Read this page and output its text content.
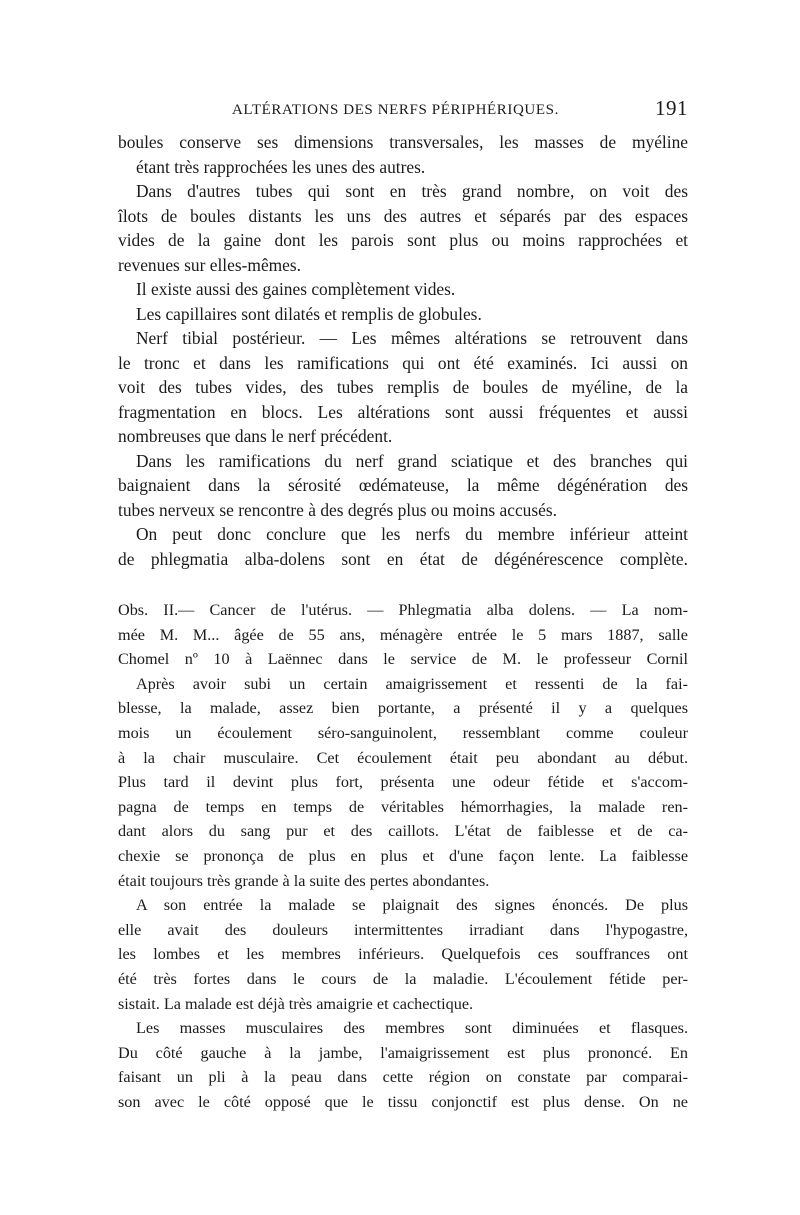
ALTÉRATIONS DES NERFS PÉRIPHÉRIQUES.	191
boules conserve ses dimensions transversales, les masses de myéline
étant très rapprochées les unes des autres.
Dans d'autres tubes qui sont en très grand nombre, on voit des
îlots de boules distants les uns des autres et séparés par des espaces
vides de la gaine dont les parois sont plus ou moins rapprochées et
revenues sur elles-mêmes.
Il existe aussi des gaines complètement vides.
Les capillaires sont dilatés et remplis de globules.
Nerf tibial postérieur. — Les mêmes altérations se retrouvent dans
le tronc et dans les ramifications qui ont été examinés. Ici aussi on
voit des tubes vides, des tubes remplis de boules de myéline, de la
fragmentation en blocs. Les altérations sont aussi fréquentes et aussi
nombreuses que dans le nerf précédent.
Dans les ramifications du nerf grand sciatique et des branches qui
baignaient dans la sérosité œdémateuse, la même dégénération des
tubes nerveux se rencontre à des degrés plus ou moins accusés.
On peut donc conclure que les nerfs du membre inférieur atteint
de phlegmatia alba-dolens sont en état de dégénérescence complète.
Obs. II.— Cancer de l'utérus. — Phlegmatia alba dolens. — La nom-
mée M. M... âgée de 55 ans, ménagère entrée le 5 mars 1887, salle
Chomel nº 10 à Laënnec dans le service de M. le professeur Cornil
Après avoir subi un certain amaigrissement et ressenti de la fai-
blesse, la malade, assez bien portante, a présenté il y a quelques
mois un écoulement séro-sanguinolent, ressemblant comme couleur
à la chair musculaire. Cet écoulement était peu abondant au début.
Plus tard il devint plus fort, présenta une odeur fétide et s'accom-
pagna de temps en temps de véritables hémorrhagies, la malade ren-
dant alors du sang pur et des caillots. L'état de faiblesse et de ca-
chexie se prononça de plus en plus et d'une façon lente. La faiblesse
était toujours très grande à la suite des pertes abondantes.
A son entrée la malade se plaignait des signes énoncés. De plus
elle avait des douleurs intermittentes irradiant dans l'hypogastre,
les lombes et les membres inférieurs. Quelquefois ces souffrances ont
été très fortes dans le cours de la maladie. L'écoulement fétide per-
sistait. La malade est déjà très amaigrie et cachectique.
Les masses musculaires des membres sont diminuées et flasques.
Du côté gauche à la jambe, l'amaigrissement est plus prononcé. En
faisant un pli à la peau dans cette région on constate par comparai-
son avec le côté opposé que le tissu conjonctif est plus dense. On ne
